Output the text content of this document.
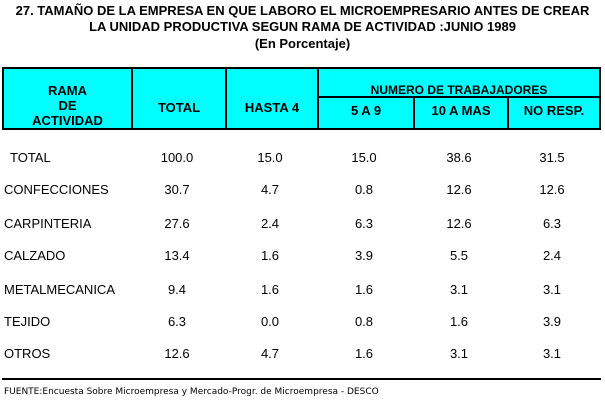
27. TAMAÑO DE LA EMPRESA EN QUE LABORO EL MICROEMPRESARIO ANTES DE CREAR
LA UNIDAD PRODUCTIVA SEGUN RAMA DE ACTIVIDAD :JUNIO 1989
(En Porcentaje)
RAMA
DE
ACTIVIDAD
TOTAL	HASTA 4
NUMERO DE TRABAJADORES
5 A 9	10 A MAS	NO RESP.
TOTAL	100.0	15.0	15.0	38.6	31.5
CONFECCIONES	30.7	4.7	0.8	12.6	12.6
CARPINTERIA	27.6	2.4	6.3	12.6	6.3
CALZADO	13.4	1.6	3.9	5.5	2.4
METALMECANICA	9.4	1.6	1.6	3.1	3.1
TEJIDO	6.3	0.0	0.8	1.6	3.9
OTROS	12.6	4.7	1.6	3.1	3.1
FUENTE:Encuesta Sobre Microempresa y Mercado-Progr. de Microempresa - DESCO
